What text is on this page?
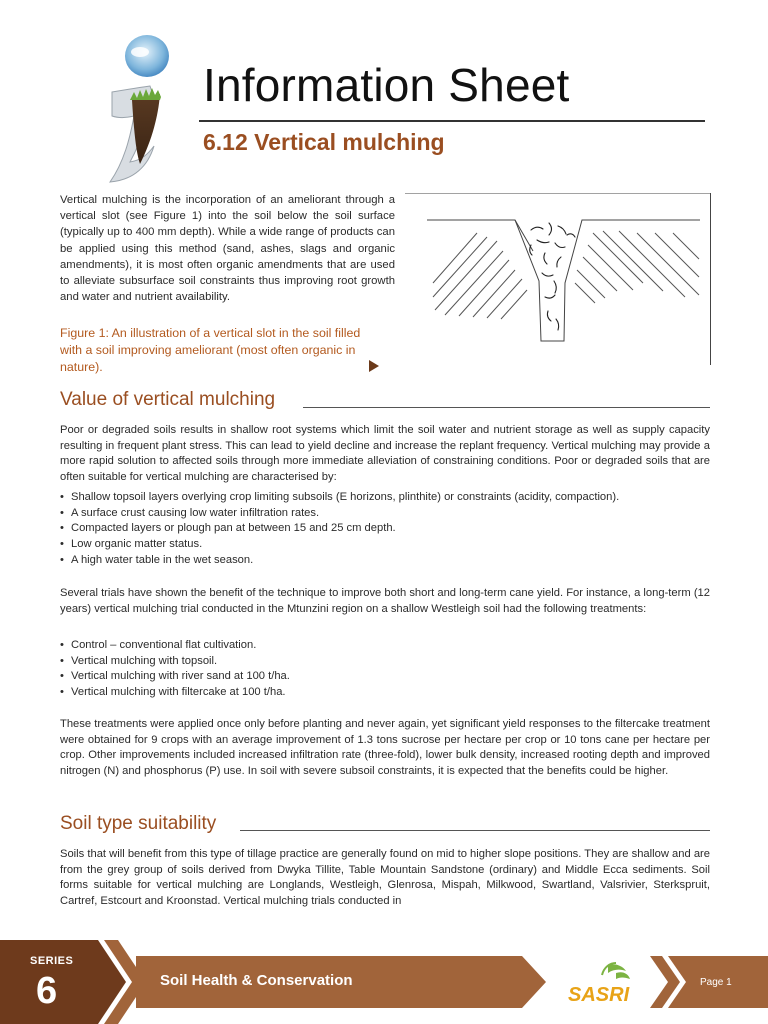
Information Sheet
6.12 Vertical mulching
Vertical mulching is the incorporation of an ameliorant through a vertical slot (see Figure 1) into the soil below the soil surface (typically up to 400 mm depth). While a wide range of products can be applied using this method (sand, ashes, slags and organic amendments), it is most often organic amendments that are used to alleviate subsurface soil constraints thus improving root growth and water and nutrient availability.
Figure 1: An illustration of a vertical slot in the soil filled with a soil improving ameliorant (most often organic in nature).
Value of vertical mulching

Poor or degraded soils results in shallow root systems which limit the soil water and nutrient storage as well as supply capacity resulting in frequent plant stress. This can lead to yield decline and increase the replant frequency. Vertical mulching may provide a more rapid solution to affected soils through more immediate alleviation of constraining conditions. Poor or degraded soils that are often suitable for vertical mulching are characterised by:

• Shallow topsoil layers overlying crop limiting subsoils (E horizons, plinthite) or constraints (acidity, compaction).
• A surface crust causing low water infiltration rates.
• Compacted layers or plough pan at between 15 and 25 cm depth.
• Low organic matter status.
• A high water table in the wet season.

Several trials have shown the benefit of the technique to improve both short and long-term cane yield. For instance, a long-term (12 years) vertical mulching trial conducted in the Mtunzini region on a shallow Westleigh soil had the following treatments:

• Control – conventional flat cultivation.
• Vertical mulching with topsoil.
• Vertical mulching with river sand at 100 t/ha.
• Vertical mulching with filtercake at 100 t/ha.

These treatments were applied once only before planting and never again, yet significant yield responses to the filtercake treatment were obtained for 9 crops with an average improvement of 1.3 tons sucrose per hectare per crop or 10 tons cane per hectare per crop. Other improvements included increased infiltration rate (three-fold), lower bulk density, increased rooting depth and improved nitrogen (N) and phosphorus (P) use. In soil with severe subsoil constraints, it is expected that the benefits could be higher.

Soil type suitability

Soils that will benefit from this type of tillage practice are generally found on mid to higher slope positions. They are shallow and are from the grey group of soils derived from Dwyka Tillite, Table Mountain Sandstone (ordinary) and Middle Ecca sediments. Soil forms suitable for vertical mulching are Longlands, Westleigh, Glenrosa, Mispah, Milkwood, Swartland, Valsrivier, Sterkspruit, Cartref, Estcourt and Kroonstad. Vertical mulching trials conducted in

SERIES
6	Soil Health & Conservation
SASRI
Page 1
